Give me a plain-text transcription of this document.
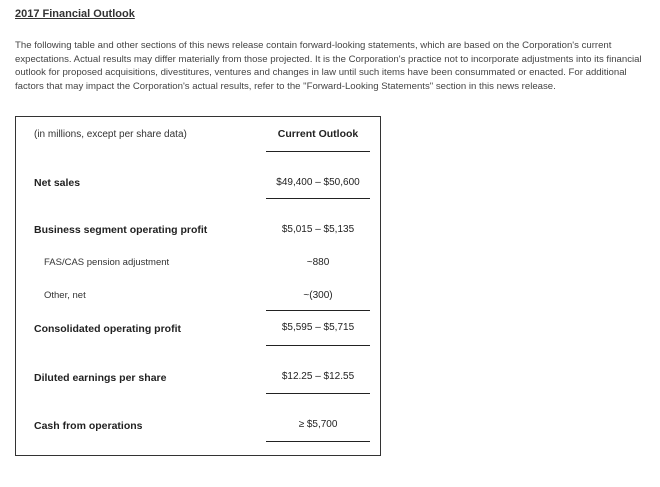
2017 Financial Outlook
The following table and other sections of this news release contain forward-looking statements, which are based on the Corporation's current expectations. Actual results may differ materially from those projected. It is the Corporation's practice not to incorporate adjustments into its financial outlook for proposed acquisitions, divestitures, ventures and changes in law until such items have been consummated or enacted. For additional factors that may impact the Corporation's actual results, refer to the "Forward-Looking Statements" section in this news release.
(in millions, except per share data)	Current Outlook
Net sales	$49,400 – $50,600
Business segment operating profit	$5,015 – $5,135
FAS/CAS pension adjustment	~880
Other, net	~(300)
Consolidated operating profit	$5,595 – $5,715
Diluted earnings per share	$12.25 – $12.55
Cash from operations	≥ $5,700
